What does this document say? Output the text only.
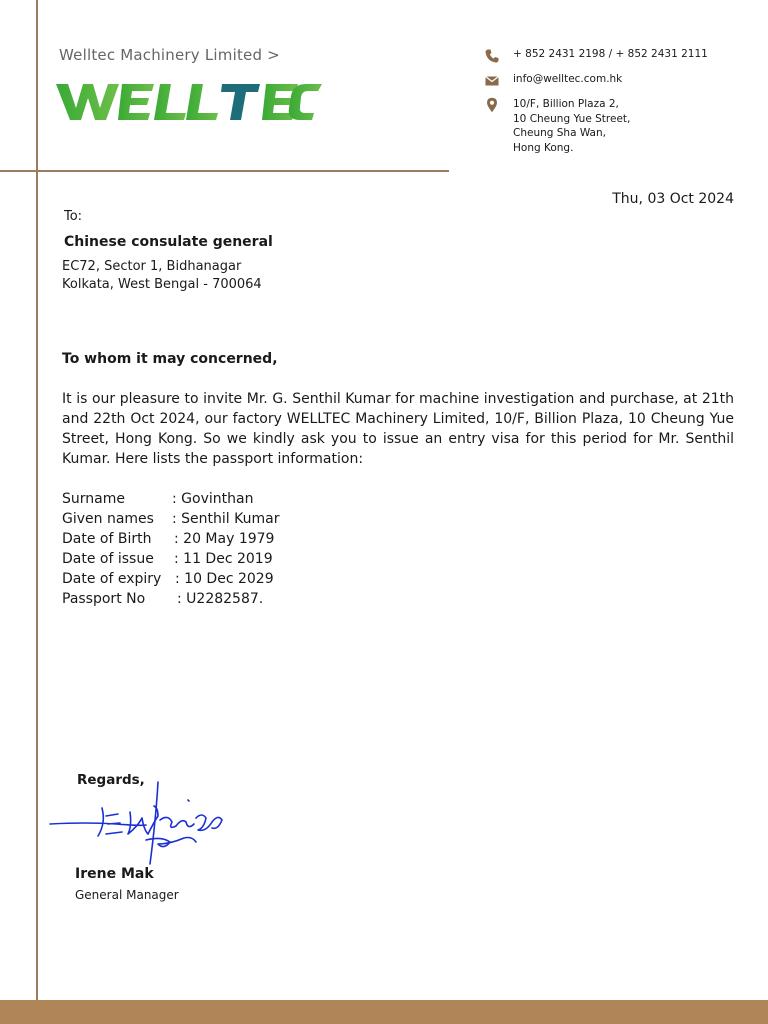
Welltec Machinery Limited >	+ 852 2431 2198 / + 852 2431 2111
info@welltec.com.hk
10/F, Billion Plaza 2,
10 Cheung Yue Street,
Cheung Sha Wan,
Hong Kong.
Thu, 03 Oct 2024
To:
Chinese consulate general
EC72, Sector 1, Bidhanagar
Kolkata, West Bengal - 700064
To whom it may concerned,
It is our pleasure to invite Mr. G. Senthil Kumar for machine investigation and purchase, at 21th and 22th Oct 2024, our factory WELLTEC Machinery Limited, 10/F, Billion Plaza, 10 Cheung Yue Street, Hong Kong. So we kindly ask you to issue an entry visa for this period for Mr. Senthil Kumar. Here lists the passport information:
Surname	: Govinthan
Given names	: Senthil Kumar
Date of Birth	: 20 May 1979
Date of issue	: 11 Dec 2019
Date of expiry : 10 Dec 2029
Passport No	: U2282587.
Regards,
Irene Mak
General Manager
